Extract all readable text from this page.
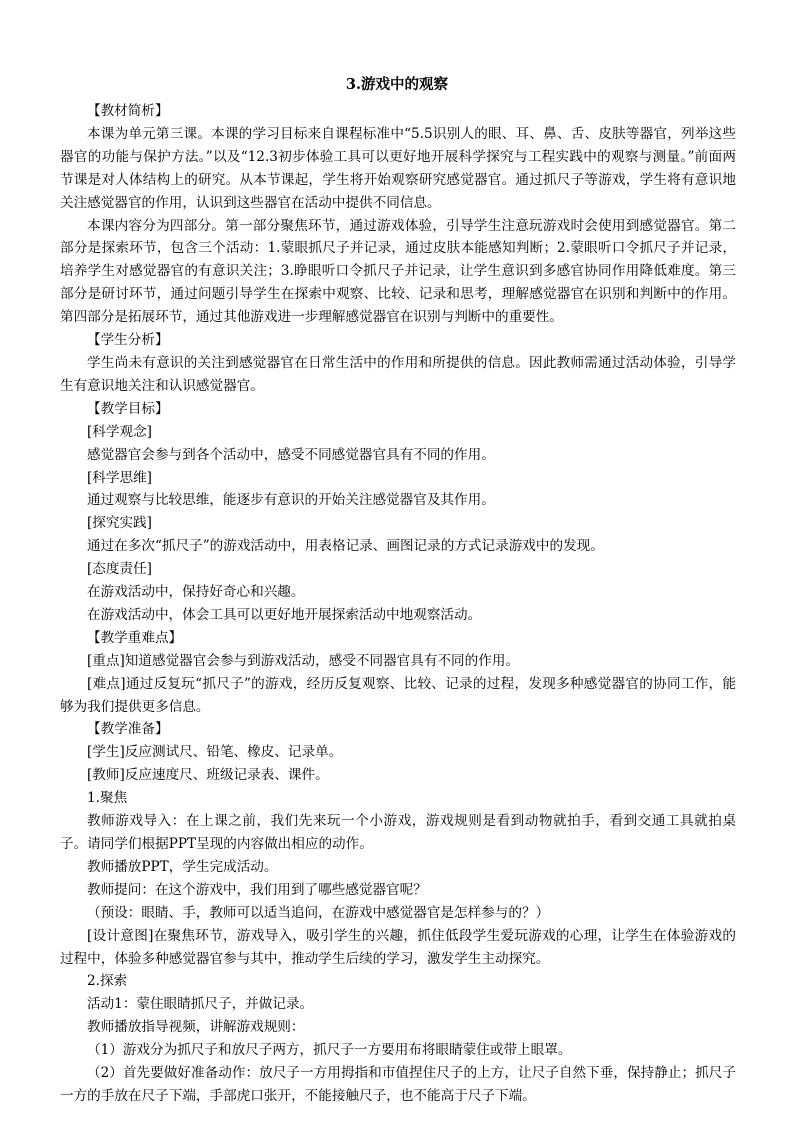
3.游戏中的观察

【教材简析】

本课为单元第三课。本课的学习目标来自课程标准中“5.5识别人的眼、耳、鼻、舌、皮肤等器官，列举这些器官的功能与保护方法。”以及“12.3初步体验工具可以更好地开展科学探究与工程实践中的观察与测量。”前面两节课是对人体结构上的研究。从本节课起，学生将开始观察研究感觉器官。通过抓尺子等游戏，学生将有意识地关注感觉器官的作用，认识到这些器官在活动中提供不同信息。

本课内容分为四部分。第一部分聚焦环节，通过游戏体验，引导学生注意玩游戏时会使用到感觉器官。第二部分是探索环节，包含三个活动：1.蒙眼抓尺子并记录，通过皮肤本能感知判断；2.蒙眼听口令抓尺子并记录，培养学生对感觉器官的有意识关注；3.睁眼听口令抓尺子并记录，让学生意识到多感官协同作用降低难度。第三部分是研讨环节，通过问题引导学生在探索中观察、比较、记录和思考，理解感觉器官在识别和判断中的作用。第四部分是拓展环节，通过其他游戏进一步理解感觉器官在识别与判断中的重要性。

【学生分析】

学生尚未有意识的关注到感觉器官在日常生活中的作用和所提供的信息。因此教师需通过活动体验，引导学生有意识地关注和认识感觉器官。

【教学目标】

[科学观念]

感觉器官会参与到各个活动中，感受不同感觉器官具有不同的作用。

[科学思维]

通过观察与比较思维，能逐步有意识的开始关注感觉器官及其作用。

[探究实践]

通过在多次“抓尺子”的游戏活动中，用表格记录、画图记录的方式记录游戏中的发现。

[态度责任]

在游戏活动中，保持好奇心和兴趣。

在游戏活动中，体会工具可以更好地开展探索活动中地观察活动。

【教学重难点】

[重点]知道感觉器官会参与到游戏活动，感受不同器官具有不同的作用。

[难点]通过反复玩“抓尺子”的游戏，经历反复观察、比较、记录的过程，发现多种感觉器官的协同工作，能够为我们提供更多信息。

【教学准备】

[学生]反应测试尺、铅笔、橡皮、记录单。

[教师]反应速度尺、班级记录表、课件。

1.聚焦

教师游戏导入：在上课之前，我们先来玩一个小游戏，游戏规则是看到动物就拍手，看到交通工具就拍桌子。请同学们根据PPT呈现的内容做出相应的动作。

教师播放PPT，学生完成活动。

教师提问：在这个游戏中，我们用到了哪些感觉器官呢？

（预设：眼睛、手，教师可以适当追问，在游戏中感觉器官是怎样参与的？）

[设计意图]在聚焦环节，游戏导入，吸引学生的兴趣，抓住低段学生爱玩游戏的心理，让学生在体验游戏的过程中，体验多种感觉器官参与其中，推动学生后续的学习，激发学生主动探究。

2.探索

活动1：蒙住眼睛抓尺子，并做记录。

教师播放指导视频，讲解游戏规则：

（1）游戏分为抓尺子和放尺子两方，抓尺子一方要用布将眼睛蒙住或带上眼罩。

（2）首先要做好准备动作：放尺子一方用拇指和市值捏住尺子的上方，让尺子自然下垂，保持静止；抓尺子一方的手放在尺子下端，手部虎口张开，不能接触尺子，也不能高于尺子下端。
